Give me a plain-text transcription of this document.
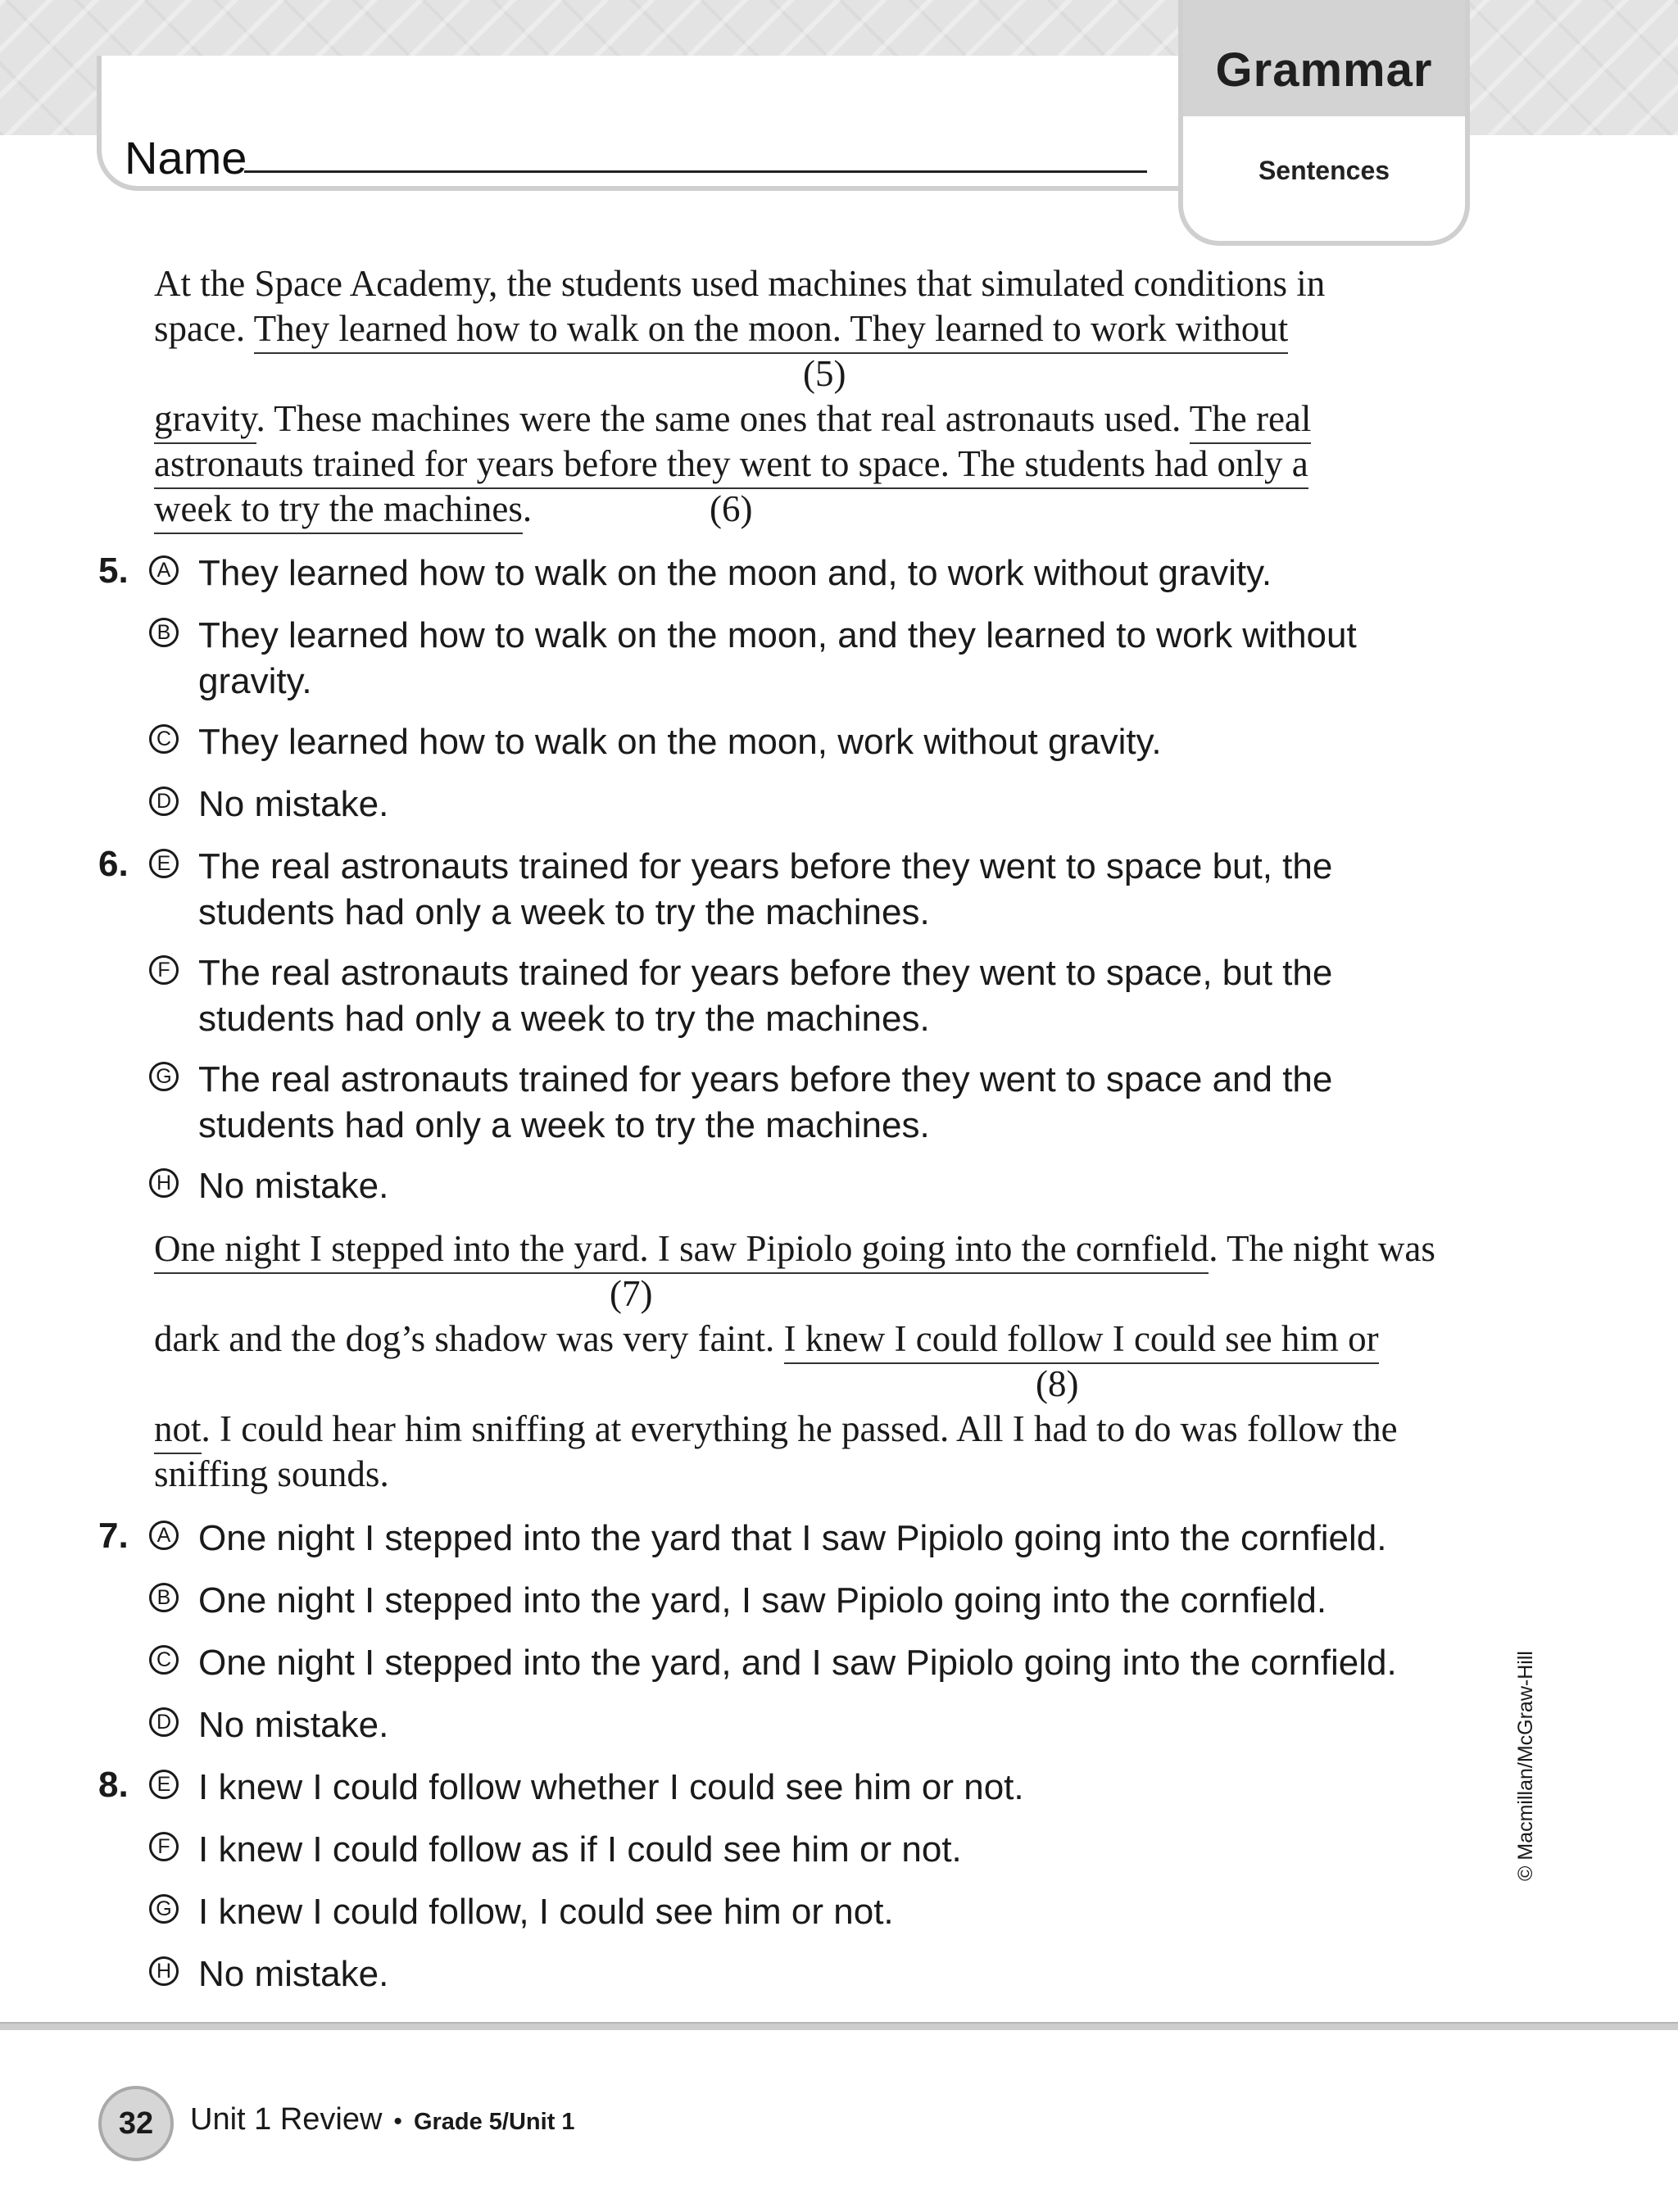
Name
Grammar
Sentences
At the Space Academy, the students used machines that simulated conditions in
space. They learned how to walk on the moon. They learned to work without
(5)
gravity. These machines were the same ones that real astronauts used. The real
astronauts trained for years before they went to space. The students had only a
week to try the machines.	(6)
5.	A They learned how to walk on the moon and, to work without gravity.
B They learned how to walk on the moon, and they learned to work without gravity.
C They learned how to walk on the moon, work without gravity.
D No mistake.
6.	E The real astronauts trained for years before they went to space but, the students had only a week to try the machines.
F The real astronauts trained for years before they went to space, but the students had only a week to try the machines.
G The real astronauts trained for years before they went to space and the students had only a week to try the machines.
H No mistake.
One night I stepped into the yard. I saw Pipiolo going into the cornfield. The night was
(7)
dark and the dog’s shadow was very faint. I knew I could follow I could see him or
(8)
not. I could hear him sniffing at everything he passed. All I had to do was follow the
sniffing sounds.
7.	A One night I stepped into the yard that I saw Pipiolo going into the cornfield.
B One night I stepped into the yard, I saw Pipiolo going into the cornfield.
C One night I stepped into the yard, and I saw Pipiolo going into the cornfield.
D No mistake.
8.	E I knew I could follow whether I could see him or not.
F I knew I could follow as if I could see him or not.
G I knew I could follow, I could see him or not.
H No mistake.
© Macmillan/McGraw-Hill
32	Unit 1 Review • Grade 5/Unit 1
